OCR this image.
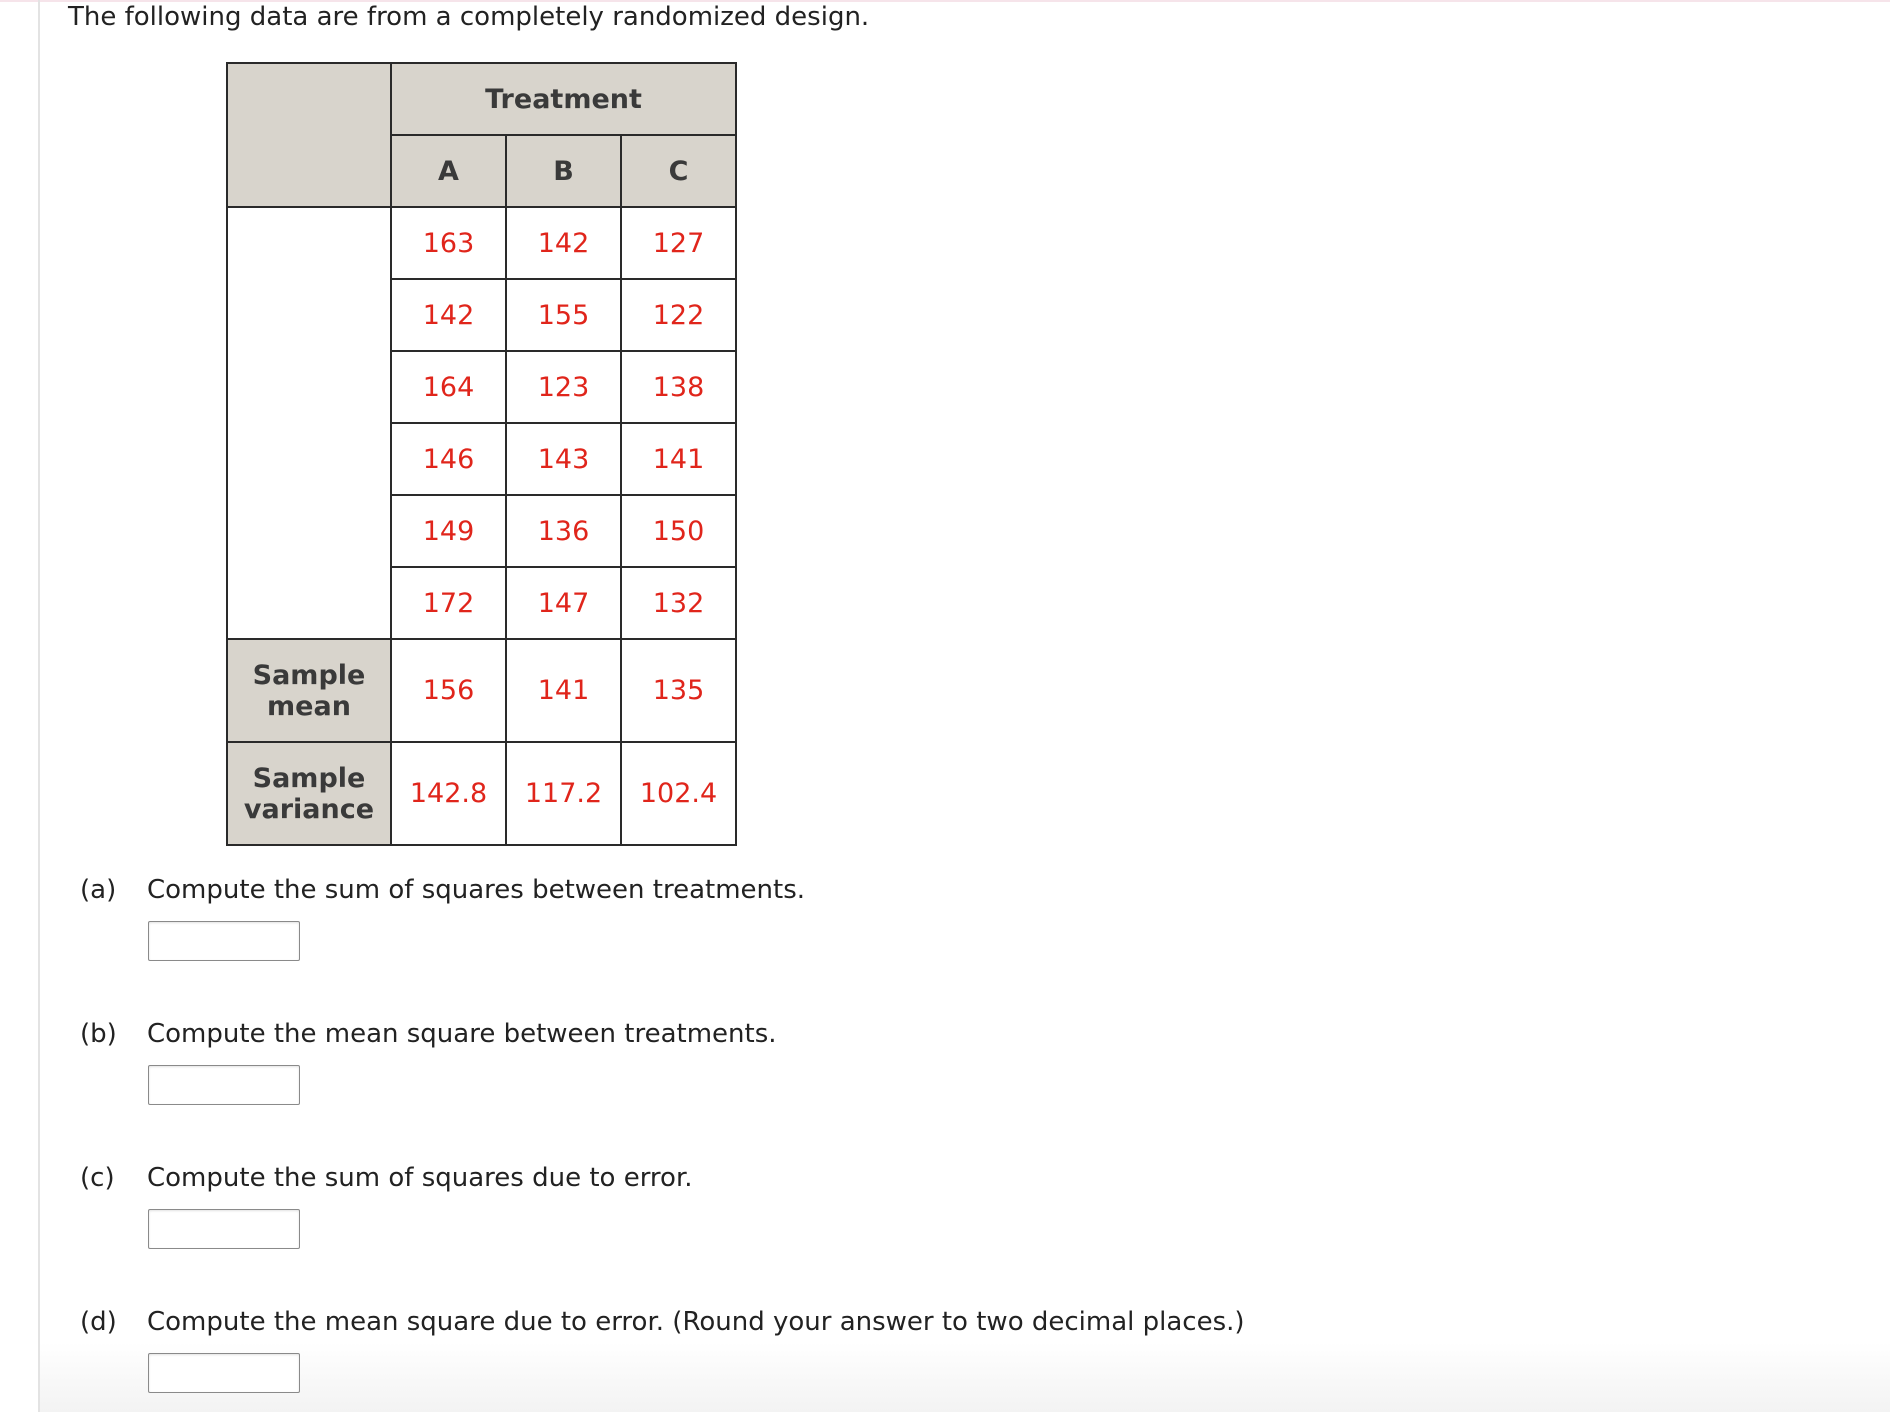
The following data are from a completely randomized design.
	Treatment		
	A	B	C
	163	142	127
	142	155	122
	164	123	138
	146	143	141
	149	136	150
	172	147	132
Sample
mean	156	141	135
Sample
variance	142.8	117.2	102.4
(a) Compute the sum of squares between treatments.
(b) Compute the mean square between treatments.
(c) Compute the sum of squares due to error.
(d) Compute the mean square due to error. (Round your answer to two decimal places.)
